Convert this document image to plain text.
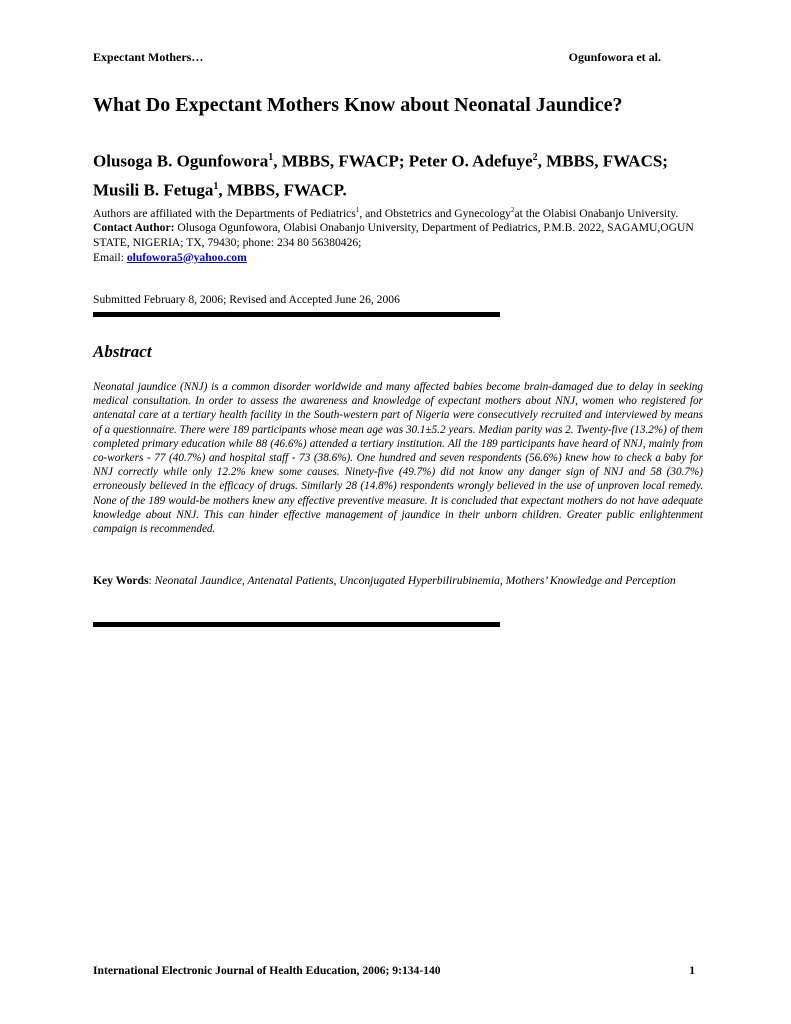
Expectant Mothers…	Ogunfowora et al.
What Do Expectant Mothers Know about Neonatal Jaundice?
Olusoga B. Ogunfowora$^1$, MBBS, FWACP; Peter O. Adefuye$^2$, MBBS, FWACS; Musili B. Fetuga$^1$, MBBS, FWACP.
Authors are affiliated with the Departments of Pediatrics$^1$, and Obstetrics and Gynecology$^2$at the Olabisi Onabanjo University. Contact Author: Olusoga Ogunfowora, Olabisi Onabanjo University, Department of Pediatrics, P.M.B. 2022, SAGAMU,OGUN STATE, NIGERIA; TX, 79430; phone: 234 80 56380426;
Email: olufowora5@yahoo.com
Submitted February 8, 2006; Revised and Accepted June 26, 2006
Abstract
Neonatal jaundice (NNJ) is a common disorder worldwide and many affected babies become brain-damaged due to delay in seeking medical consultation. In order to assess the awareness and knowledge of expectant mothers about NNJ, women who registered for antenatal care at a tertiary health facility in the South-western part of Nigeria were consecutively recruited and interviewed by means of a questionnaire. There were 189 participants whose mean age was 30.1±5.2 years. Median parity was 2. Twenty-five (13.2%) of them completed primary education while 88 (46.6%) attended a tertiary institution. All the 189 participants have heard of NNJ, mainly from co-workers - 77 (40.7%) and hospital staff - 73 (38.6%). One hundred and seven respondents (56.6%) knew how to check a baby for NNJ correctly while only 12.2% knew some causes. Ninety-five (49.7%) did not know any danger sign of NNJ and 58 (30.7%) erroneously believed in the efficacy of drugs. Similarly 28 (14.8%) respondents wrongly believed in the use of unproven local remedy. None of the 189 would-be mothers knew any effective preventive measure. It is concluded that expectant mothers do not have adequate knowledge about NNJ. This can hinder effective management of jaundice in their unborn children. Greater public enlightenment campaign is recommended.
Key Words: Neonatal Jaundice, Antenatal Patients, Unconjugated Hyperbilirubinemia, Mothers’ Knowledge and Perception
International Electronic Journal of Health Education, 2006; 9:134-140	1
